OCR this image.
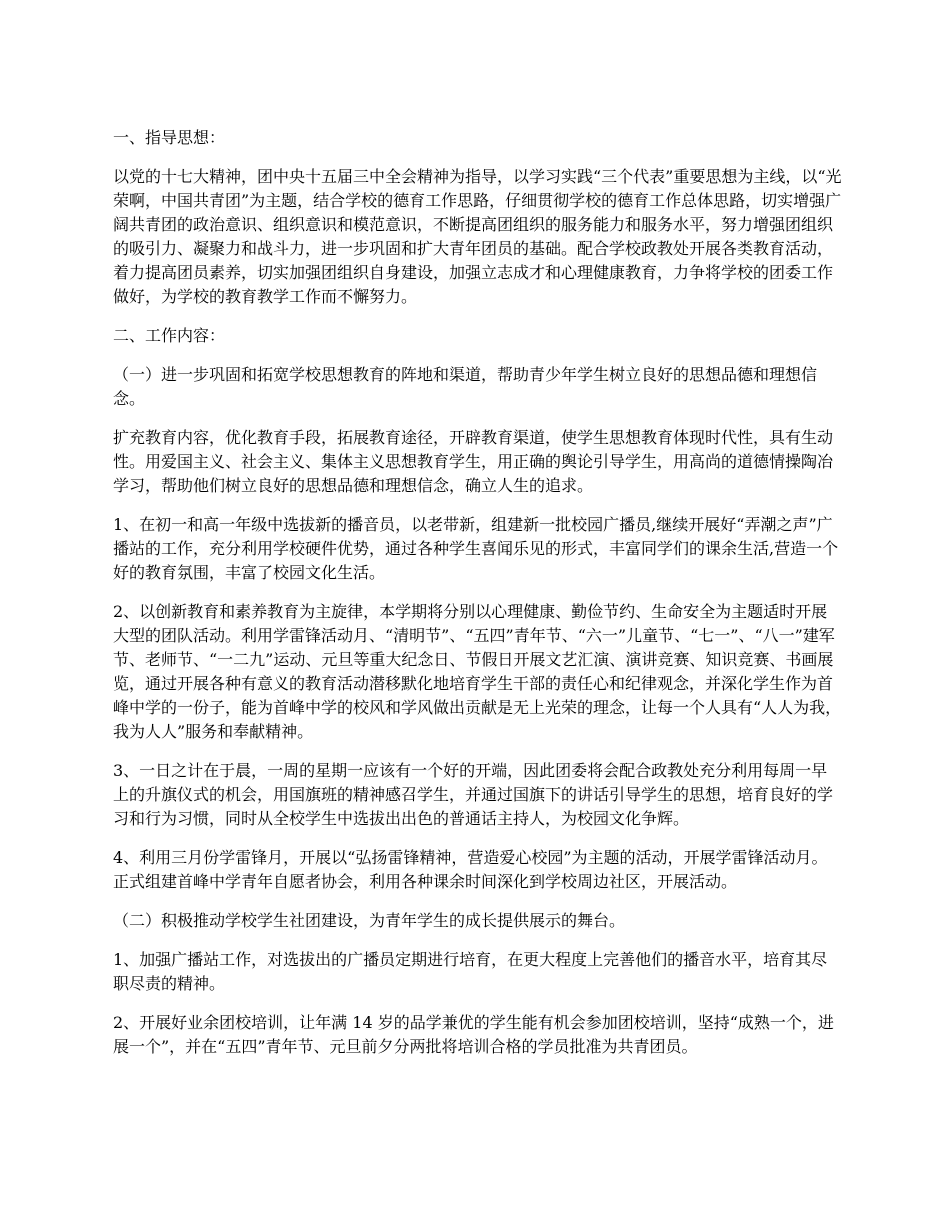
一、指导思想：

以党的十七大精神，团中央十五届三中全会精神为指导，以学习实践“三个代表”重要思想为主线，以“光荣啊，中国共青团”为主题，结合学校的德育工作思路，仔细贯彻学校的德育工作总体思路，切实增强广阔共青团的政治意识、组织意识和模范意识，不断提高团组织的服务能力和服务水平，努力增强团组织的吸引力、凝聚力和战斗力，进一步巩固和扩大青年团员的基础。配合学校政教处开展各类教育活动，着力提高团员素养，切实加强团组织自身建设，加强立志成才和心理健康教育，力争将学校的团委工作做好，为学校的教育教学工作而不懈努力。

二、工作内容：

（一）进一步巩固和拓宽学校思想教育的阵地和渠道，帮助青少年学生树立良好的思想品德和理想信念。

扩充教育内容，优化教育手段，拓展教育途径，开辟教育渠道，使学生思想教育体现时代性，具有生动性。用爱国主义、社会主义、集体主义思想教育学生，用正确的舆论引导学生，用高尚的道德情操陶冶学习，帮助他们树立良好的思想品德和理想信念，确立人生的追求。

1、在初一和高一年级中选拔新的播音员，以老带新，组建新一批校园广播员,继续开展好“弄潮之声”广播站的工作，充分利用学校硬件优势，通过各种学生喜闻乐见的形式，丰富同学们的课余生活,营造一个好的教育氛围，丰富了校园文化生活。

2、以创新教育和素养教育为主旋律，本学期将分别以心理健康、勤俭节约、生命安全为主题适时开展大型的团队活动。利用学雷锋活动月、“清明节”、“五四”青年节、“六一”儿童节、“七一”、“八一”建军节、老师节、“一二九”运动、元旦等重大纪念日、节假日开展文艺汇演、演讲竞赛、知识竞赛、书画展览，通过开展各种有意义的教育活动潜移默化地培育学生干部的责任心和纪律观念，并深化学生作为首峰中学的一份子，能为首峰中学的校风和学风做出贡献是无上光荣的理念，让每一个人具有“人人为我，我为人人”服务和奉献精神。

3、一日之计在于晨，一周的星期一应该有一个好的开端，因此团委将会配合政教处充分利用每周一早上的升旗仪式的机会，用国旗班的精神感召学生，并通过国旗下的讲话引导学生的思想，培育良好的学习和行为习惯，同时从全校学生中选拔出出色的普通话主持人，为校园文化争辉。

4、利用三月份学雷锋月，开展以“弘扬雷锋精神，营造爱心校园”为主题的活动，开展学雷锋活动月。正式组建首峰中学青年自愿者协会，利用各种课余时间深化到学校周边社区，开展活动。

（二）积极推动学校学生社团建设，为青年学生的成长提供展示的舞台。

1、加强广播站工作，对选拔出的广播员定期进行培育，在更大程度上完善他们的播音水平，培育其尽职尽责的精神。

2、开展好业余团校培训，让年满 14 岁的品学兼优的学生能有机会参加团校培训，坚持“成熟一个，进展一个”，并在“五四”青年节、元旦前夕分两批将培训合格的学员批准为共青团员。
